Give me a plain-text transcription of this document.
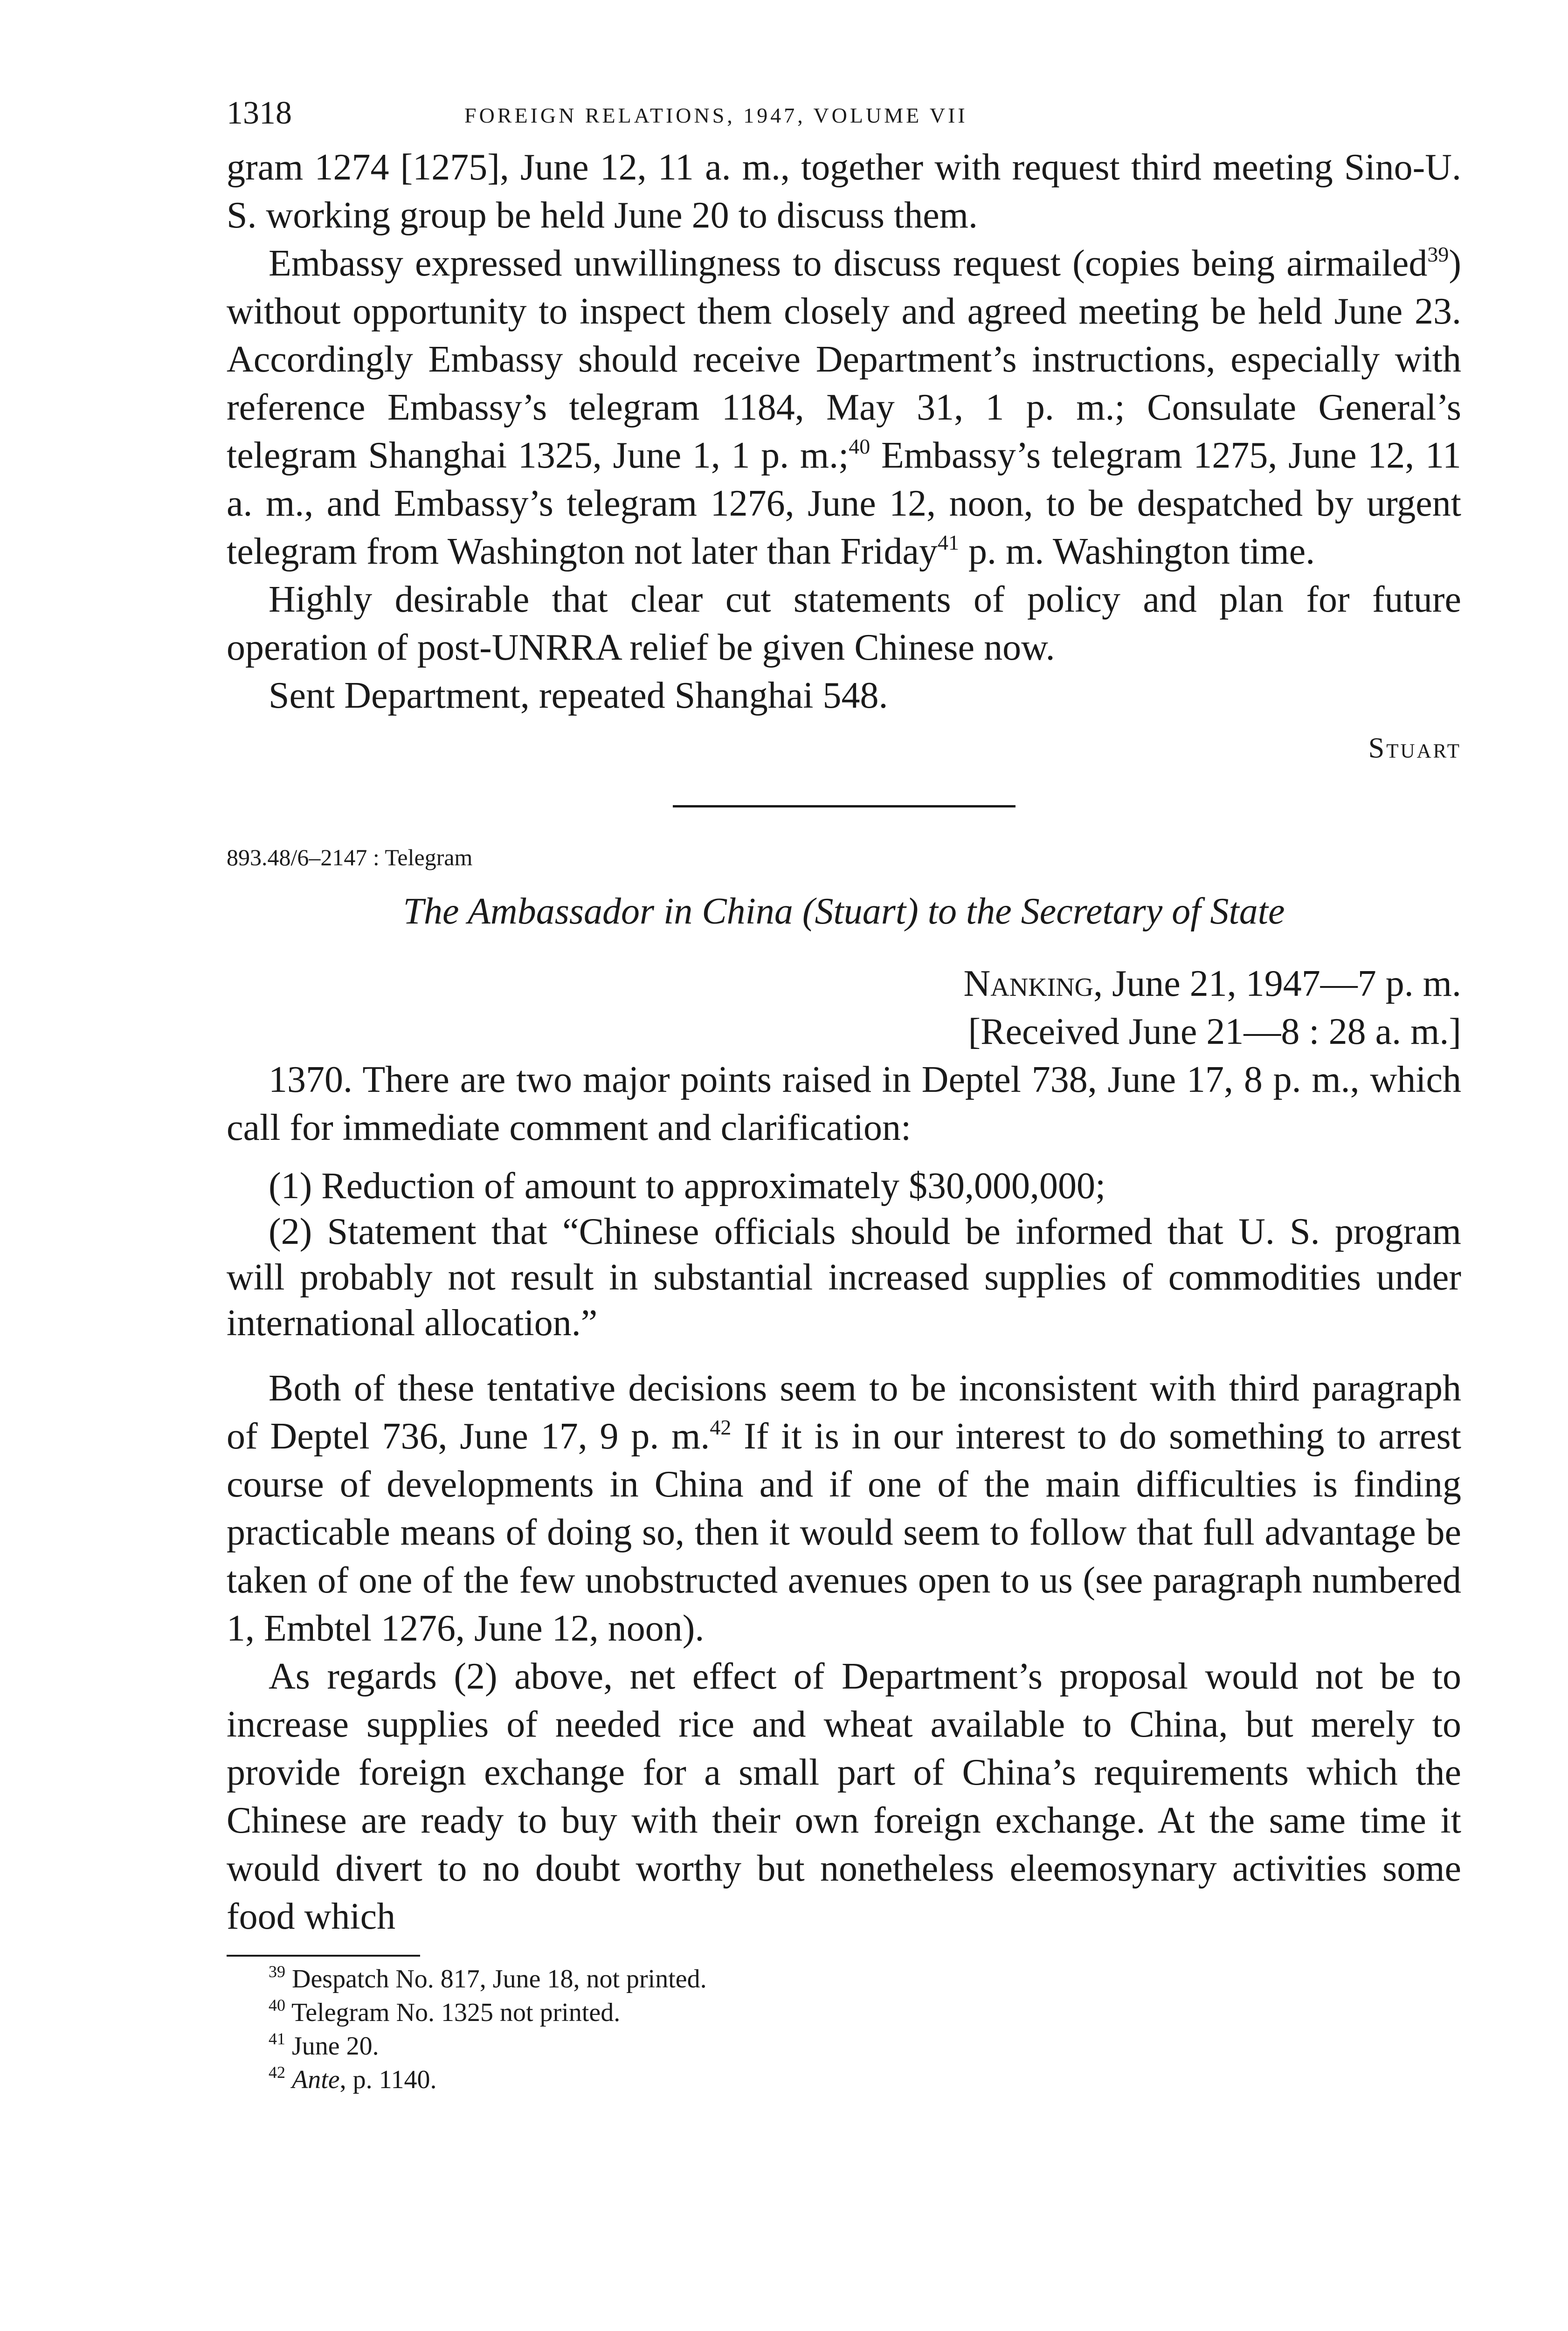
1318	FOREIGN RELATIONS, 1947, VOLUME VII

gram 1274 [1275], June 12, 11 a. m., together with request third meeting Sino-U. S. working group be held June 20 to discuss them.

Embassy expressed unwillingness to discuss request (copies being airmailed$^{39}$) without opportunity to inspect them closely and agreed meeting be held June 23. Accordingly Embassy should receive Department’s instructions, especially with reference Embassy’s telegram 1184, May 31, 1 p. m.; Consulate General’s telegram Shanghai 1325, June 1, 1 p. m.;$^{40}$ Embassy’s telegram 1275, June 12, 11 a. m., and Embassy’s telegram 1276, June 12, noon, to be despatched by urgent telegram from Washington not later than Friday$^{41}$ p. m. Washington time.

Highly desirable that clear cut statements of policy and plan for future operation of post-UNRRA relief be given Chinese now.

Sent Department, repeated Shanghai 548.

Stuart
893.48/6–2147 : Telegram
The Ambassador in China (Stuart) to the Secretary of State
Nanking, June 21, 1947—7 p. m.
[Received June 21—8 : 28 a. m.]

1370. There are two major points raised in Deptel 738, June 17, 8 p. m., which call for immediate comment and clarification:

(1) Reduction of amount to approximately $30,000,000;

(2) Statement that “Chinese officials should be informed that U. S. program will probably not result in substantial increased supplies of commodities under international allocation.”

Both of these tentative decisions seem to be inconsistent with third paragraph of Deptel 736, June 17, 9 p. m.$^{42}$ If it is in our interest to do something to arrest course of developments in China and if one of the main difficulties is finding practicable means of doing so, then it would seem to follow that full advantage be taken of one of the few unobstructed avenues open to us (see paragraph numbered 1, Embtel 1276, June 12, noon).

As regards (2) above, net effect of Department’s proposal would not be to increase supplies of needed rice and wheat available to China, but merely to provide foreign exchange for a small part of China’s requirements which the Chinese are ready to buy with their own foreign exchange. At the same time it would divert to no doubt worthy but nonetheless eleemosynary activities some food which

$^{39}$ Despatch No. 817, June 18, not printed.

$^{40}$ Telegram No. 1325 not printed.

$^{41}$ June 20.

$^{42}$ Ante, p. 1140.
